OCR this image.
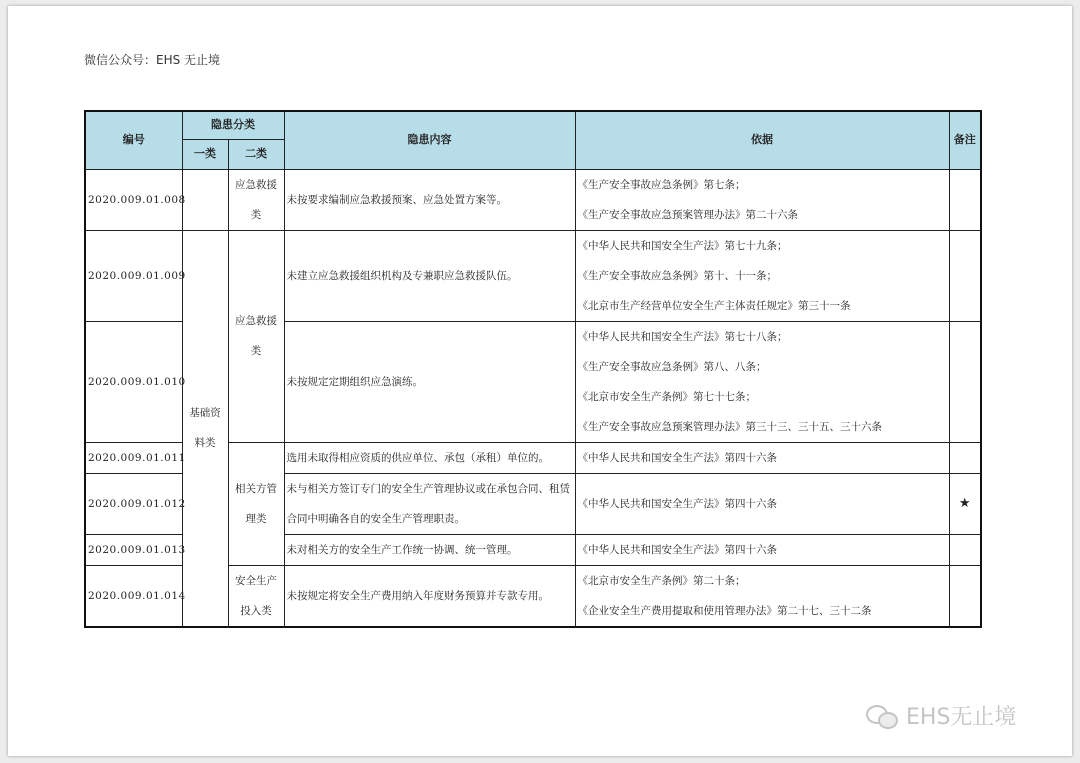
微信公众号：EHS 无止境
编号	隐患分类		隐患内容	依据	备注
	一类	二类			
2020.009.01.008		应急救援类	未按要求编制应急救援预案、应急处置方案等。	《生产安全事故应急条例》第七条；
《生产安全事故应急预案管理办法》第二十六条	

2020.009.01.009	基础资料类	应急救援类	未建立应急救援组织机构及专兼职应急救援队伍。	《中华人民共和国安全生产法》第七十九条；
《生产安全事故应急条例》第十、十一条；
《北京市生产经营单位安全生产主体责任规定》第三十一条	

2020.009.01.010			未按规定定期组织应急演练。	《中华人民共和国安全生产法》第七十八条；
《生产安全事故应急条例》第八、八条；
《北京市安全生产条例》第七十七条；
《生产安全事故应急预案管理办法》第三十三、三十五、三十六条	

2020.009.01.011		相关方管理类	选用未取得相应资质的供应单位、承包（承租）单位的。	《中华人民共和国安全生产法》第四十六条	

2020.009.01.012			未与相关方签订专门的安全生产管理协议或在承包合同、租赁合同中明确各自的安全生产管理职责。	《中华人民共和国安全生产法》第四十六条	★
2020.009.01.013			未对相关方的安全生产工作统一协调、统一管理。	《中华人民共和国安全生产法》第四十六条	

2020.009.01.014		安全生产投入类	未按规定将安全生产费用纳入年度财务预算并专款专用。	《北京市安全生产条例》第二十条；
《企业安全生产费用提取和使用管理办法》第二十七、三十二条	

EHS无止境
